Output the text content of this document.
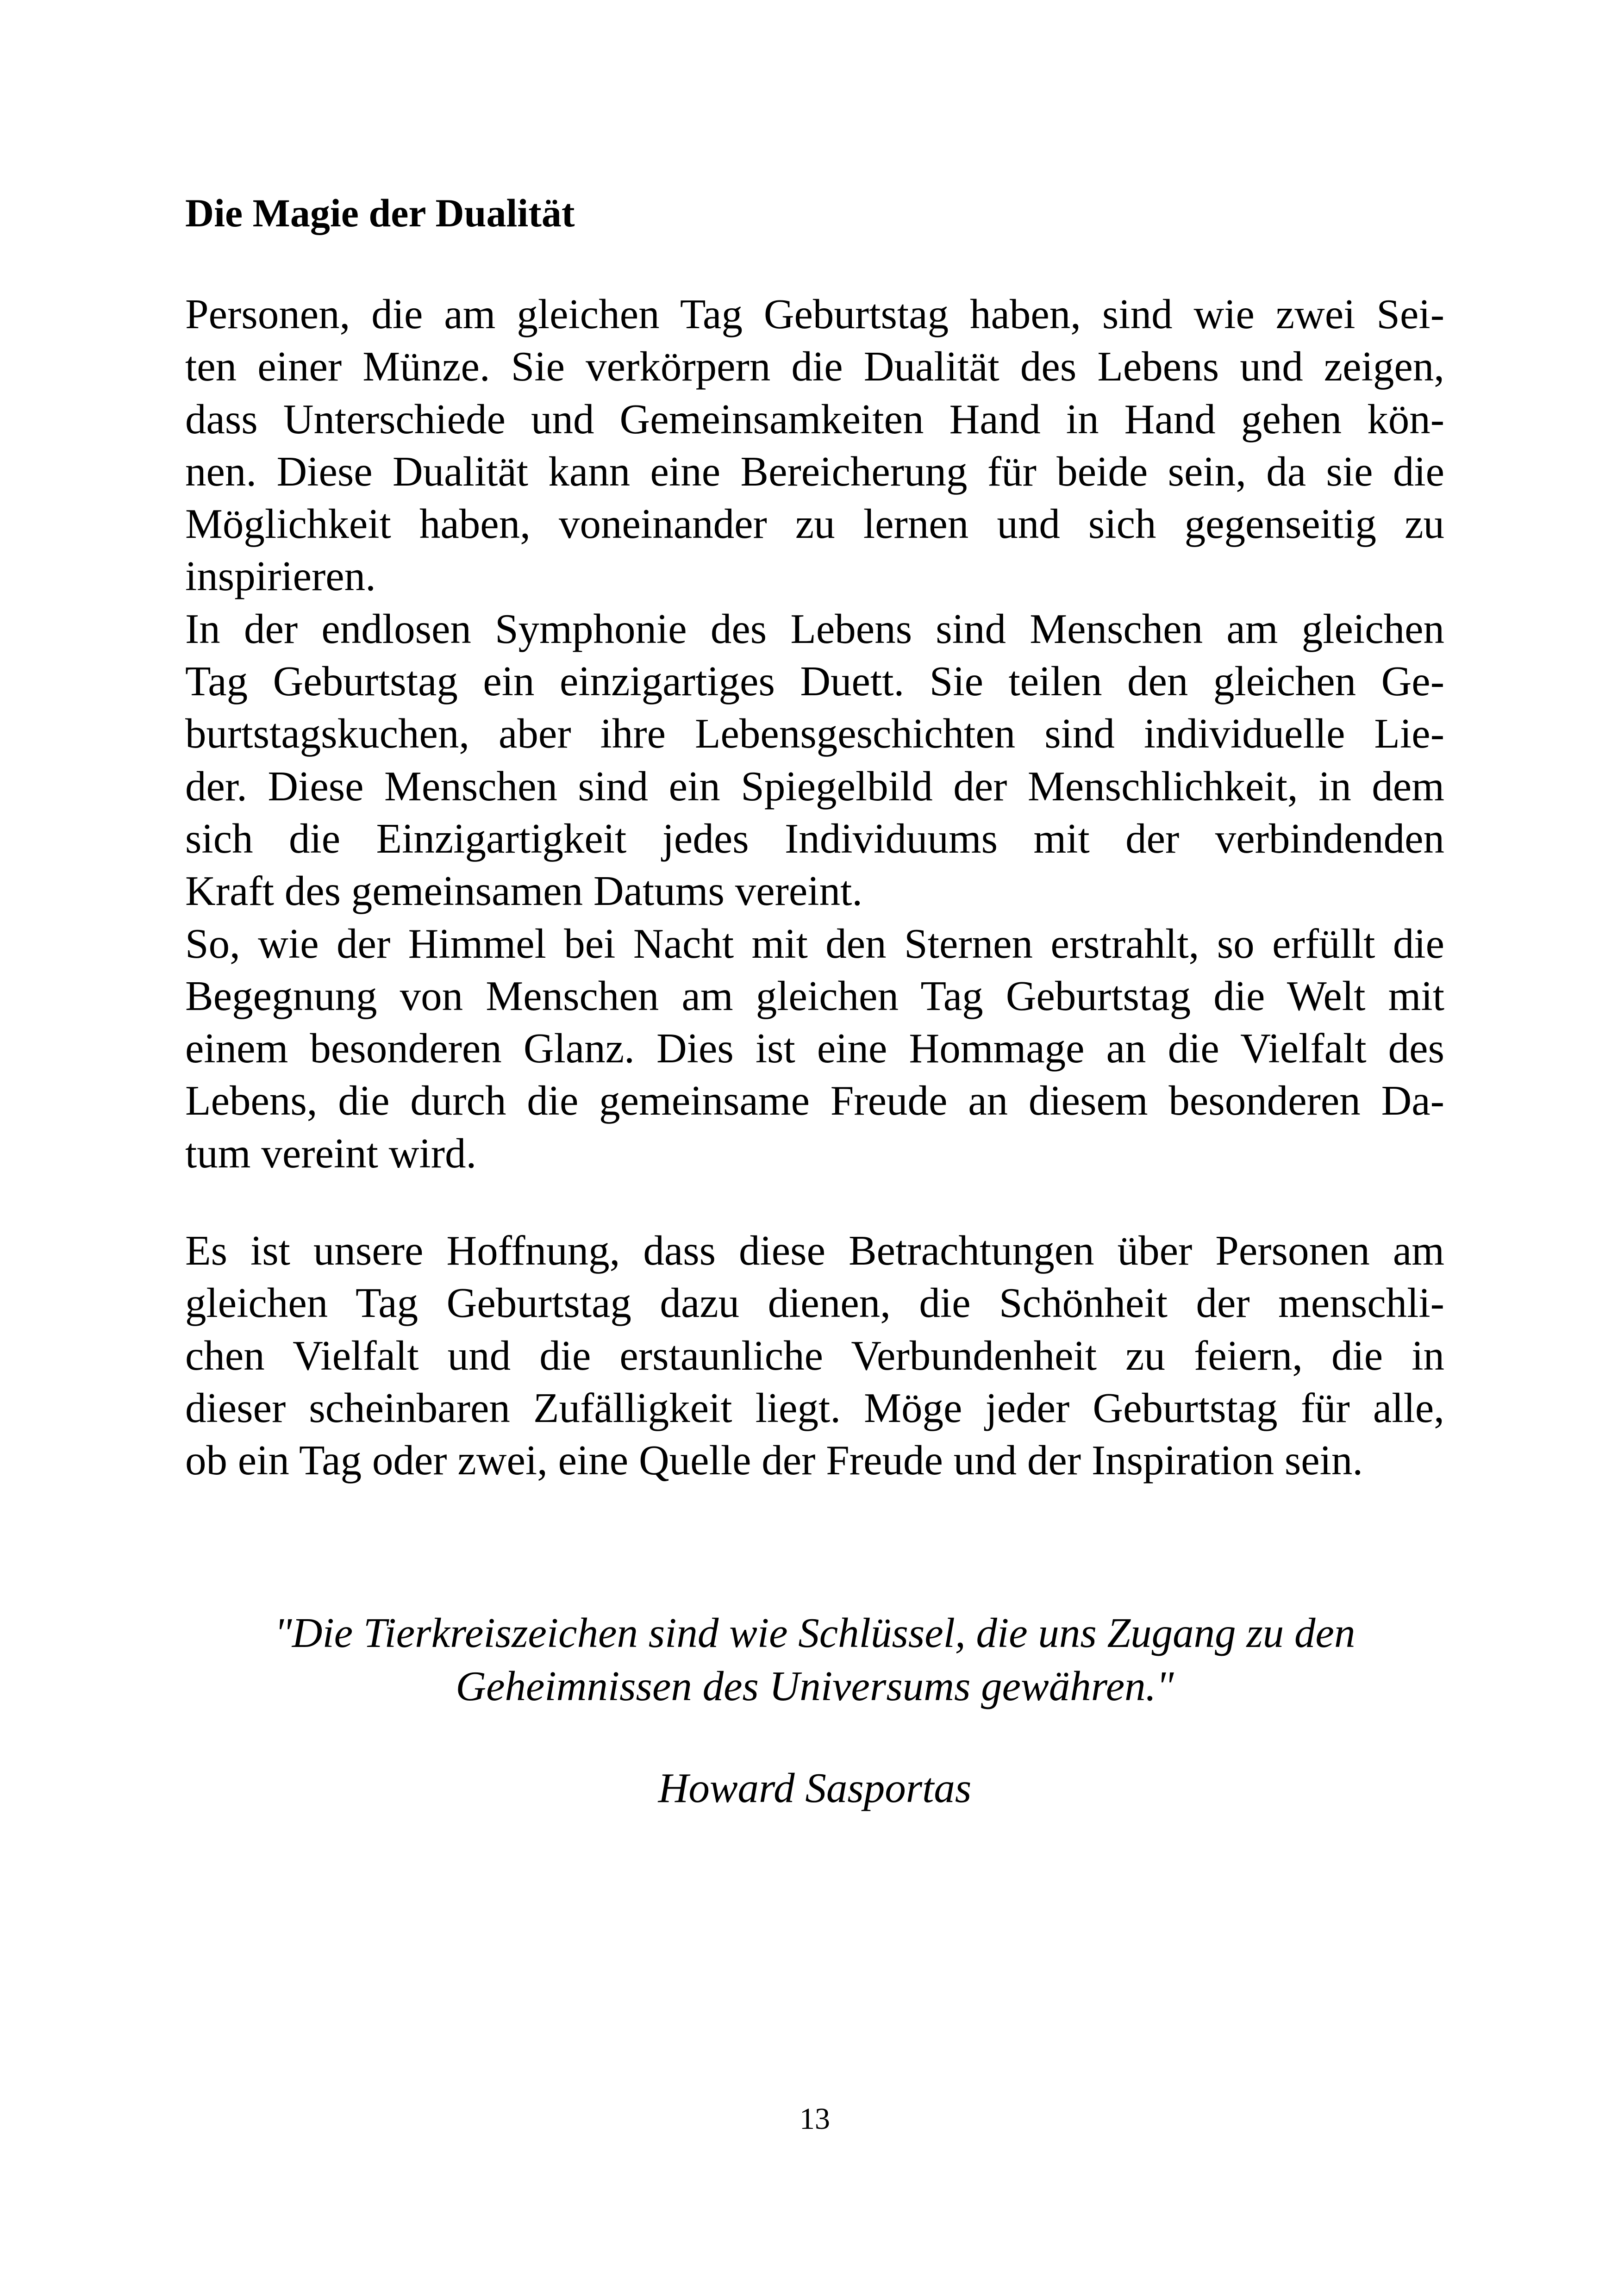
Die Magie der Dualität

Personen, die am gleichen Tag Geburtstag haben, sind wie zwei Sei-
ten einer Münze. Sie verkörpern die Dualität des Lebens und zeigen,
dass Unterschiede und Gemeinsamkeiten Hand in Hand gehen kön-
nen. Diese Dualität kann eine Bereicherung für beide sein, da sie die
Möglichkeit haben, voneinander zu lernen und sich gegenseitig zu
inspirieren.

In der endlosen Symphonie des Lebens sind Menschen am gleichen
Tag Geburtstag ein einzigartiges Duett. Sie teilen den gleichen Ge-
burtstagskuchen, aber ihre Lebensgeschichten sind individuelle Lie-
der. Diese Menschen sind ein Spiegelbild der Menschlichkeit, in dem
sich die Einzigartigkeit jedes Individuums mit der verbindenden
Kraft des gemeinsamen Datums vereint.

So, wie der Himmel bei Nacht mit den Sternen erstrahlt, so erfüllt die
Begegnung von Menschen am gleichen Tag Geburtstag die Welt mit
einem besonderen Glanz. Dies ist eine Hommage an die Vielfalt des
Lebens, die durch die gemeinsame Freude an diesem besonderen Da-
tum vereint wird.

Es ist unsere Hoffnung, dass diese Betrachtungen über Personen am
gleichen Tag Geburtstag dazu dienen, die Schönheit der menschli-
chen Vielfalt und die erstaunliche Verbundenheit zu feiern, die in
dieser scheinbaren Zufälligkeit liegt. Möge jeder Geburtstag für alle,
ob ein Tag oder zwei, eine Quelle der Freude und der Inspiration sein.

"Die Tierkreiszeichen sind wie Schlüssel, die uns Zugang zu den
Geheimnissen des Universums gewähren."

Howard Sasportas

13
